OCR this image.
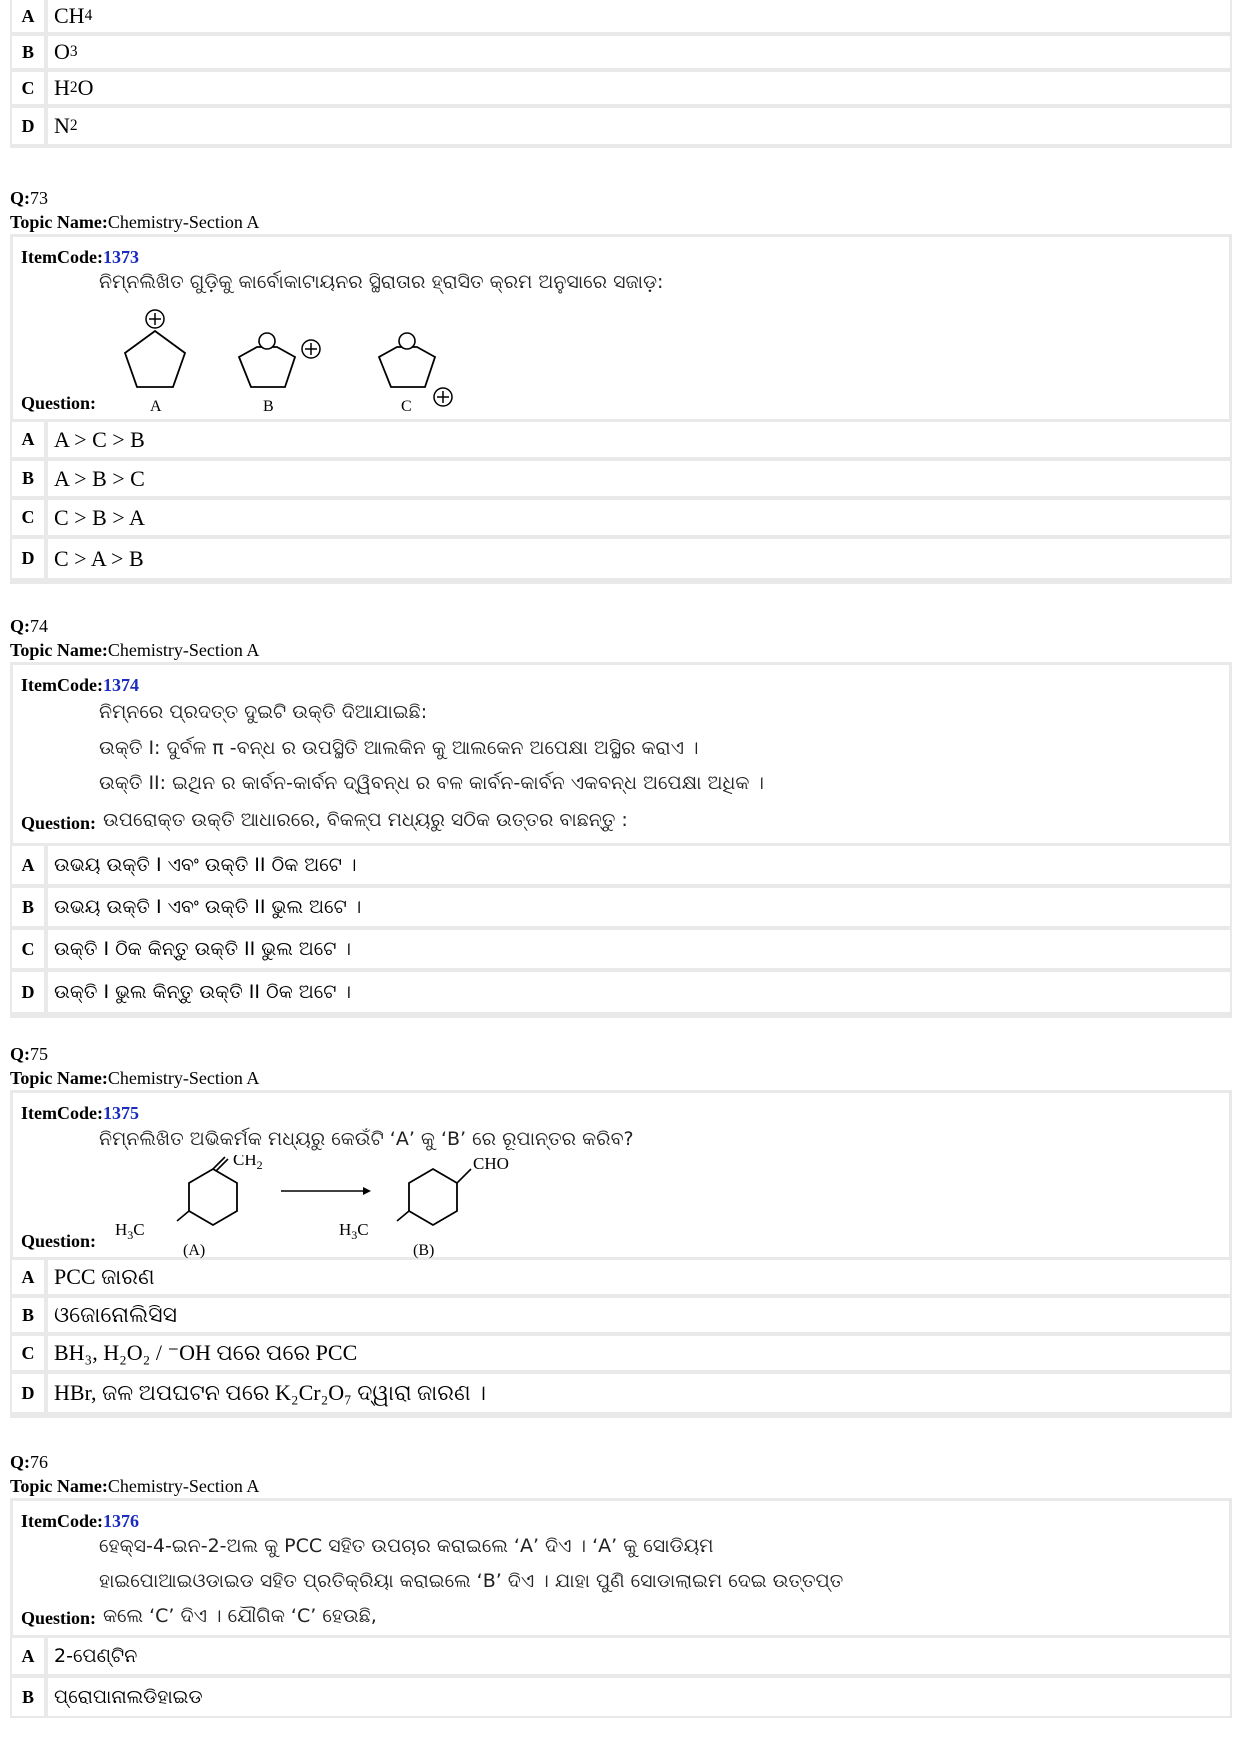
A CH 4
B O 3
C H 2 O
D N 2
Q:73
Topic Name:Chemistry-Section A
ItemCode:1373
ନିମ୍ନଲିଖିତ ଗୁଡ଼ିକୁ କାର୍ବୋକାଟାୟନର ସ୍ଥିରାତାର ହ୍ରାସିତ କ୍ରମ ଅନୁସାରେ ସଜାଡ଼:
A	B	C
Question:
A A > C > B
B A > B > C
C C > B > A
D C > A > B
Q:74
Topic Name:Chemistry-Section A
ItemCode:1374
ନିମ୍ନରେ ପ୍ରଦତ୍ତ ଦୁଇଟି ଉକ୍ତି ଦିଆଯାଇଛି:
ଉକ୍ତି I: ଦୁର୍ବଳ π -ବନ୍ଧ ର ଉପସ୍ଥିତି ଆଲକିନ କୁ ଆଲକେନ ଅପେକ୍ଷା ଅସ୍ଥିର କରାଏ ।
ଉକ୍ତି II: ଇଥିନ ର କାର୍ବନ-କାର୍ବନ ଦ୍ୱିବନ୍ଧ ର ବଳ କାର୍ବନ-କାର୍ବନ ଏକବନ୍ଧ ଅପେକ୍ଷା ଅଧିକ ।
Question: ଉପରୋକ୍ତ ଉକ୍ତି ଆଧାରରେ, ବିକଳ୍ପ ମଧ୍ୟରୁ ସଠିକ ଉତ୍ତର ବାଛନ୍ତୁ :
A	ଉଭୟ ଉକ୍ତି I ଏବଂ ଉକ୍ତି II ଠିକ ଅଟେ ।
B	ଉଭୟ ଉକ୍ତି I ଏବଂ ଉକ୍ତି II ଭୁଲ ଅଟେ ।
C	ଉକ୍ତି I ଠିକ କିନ୍ତୁ ଉକ୍ତି II ଭୁଲ ଅଟେ ।
D	ଉକ୍ତି I ଭୁଲ କିନ୍ତୁ ଉକ୍ତି II ଠିକ ଅଟେ ।
Q:75
Topic Name:Chemistry-Section A
ItemCode:1375
ନିମ୍ନଲିଖିତ ଅଭିକର୍ମକ ମଧ୍ୟରୁ କେଉଁଟି ‘A’ କୁ ‘B’ ରେ ରୂପାନ୍ତର କରିବ?
$CH_2$
$H_3C$
(A)
CHO
$H_3C$
(B)
Question:
A PCC ଜାରଣ
B ଓଜୋନୋଲିସିସ
C BH₃, H₂O₂ / ⁻OH ପରେ ପରେ PCC
D HBr, ଜଳ ଅପଘଟନ ପରେ K₂Cr₂O₇ ଦ୍ୱାରା ଜାରଣ ।
Q:76
Topic Name:Chemistry-Section A
ItemCode:1376
ହେକ୍ସ-4-ଇନ-2-ଅଲ କୁ PCC ସହିତ ଉପଚାର କରାଇଲେ ‘A’ ଦିଏ । ‘A’ କୁ ସୋଡିୟମ
ହାଇପୋଆଇଓଡାଇଡ ସହିତ ପ୍ରତିକ୍ରିୟା କରାଇଲେ ‘B’ ଦିଏ । ଯାହା ପୁଣି ସୋଡାଲାଇମ ଦେଇ ଉତ୍ତପ୍ତ
Question: କଲେ ‘C’ ଦିଏ । ଯୌଗିକ ‘C’ ହେଉଛି,
A	2-ପେଣ୍ଟିନ
B	ପ୍ରୋପାନାଲଡିହାଇଡ
